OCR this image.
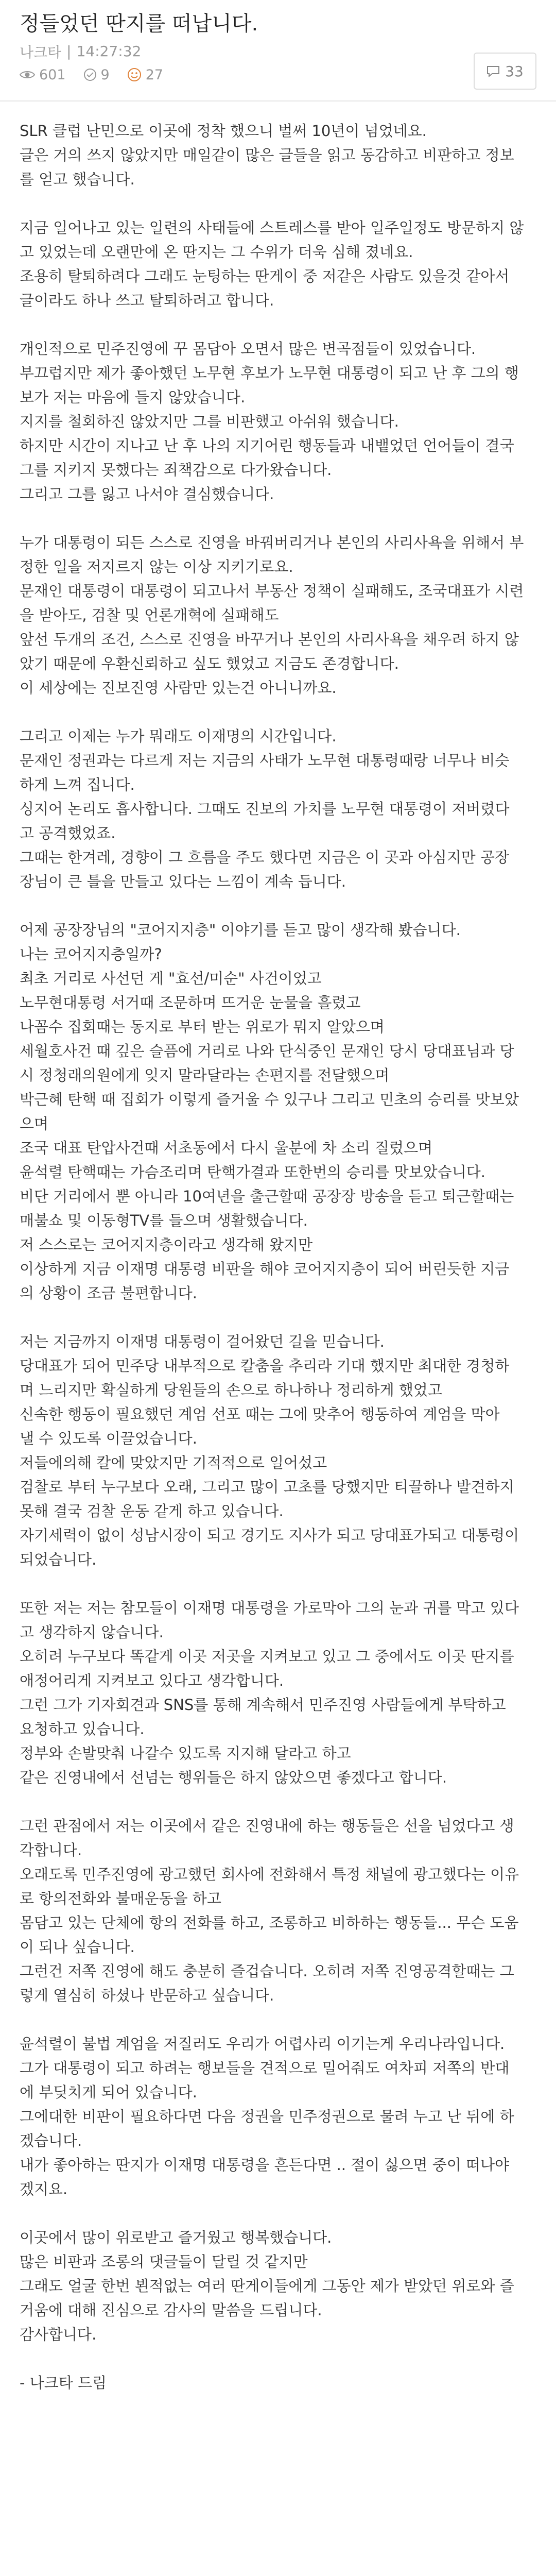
정들었던 딴지를 떠납니다.
나크타 | 14:27:32
601	9	27	33

SLR 클럽 난민으로 이곳에 정착 했으니 벌써 10년이 넘었네요.
글은 거의 쓰지 않았지만 매일같이 많은 글들을 읽고 동감하고 비판하고 정보
를 얻고 했습니다.

지금 일어나고 있는 일련의 사태들에 스트레스를 받아 일주일정도 방문하지 않
고 있었는데 오랜만에 온 딴지는 그 수위가 더욱 심해 졌네요.
조용히 탈퇴하려다 그래도 눈팅하는 딴게이 중 저같은 사람도 있을것 같아서
글이라도 하나 쓰고 탈퇴하려고 합니다.

개인적으로 민주진영에 꾸 몸담아 오면서 많은 변곡점들이 있었습니다.
부끄럽지만 제가 좋아했던 노무현 후보가 노무현 대통령이 되고 난 후 그의 행
보가 저는 마음에 들지 않았습니다.
지지를 철회하진 않았지만 그를 비판했고 아쉬워 했습니다.
하지만 시간이 지나고 난 후 나의 지기어린 행동들과 내뱉었던 언어들이 결국
그를 지키지 못했다는 죄책감으로 다가왔습니다.
그리고 그를 잃고 나서야 결심했습니다.

누가 대통령이 되든 스스로 진영을 바꿔버리거나 본인의 사리사욕을 위해서 부
정한 일을 저지르지 않는 이상 지키기로요.
문재인 대통령이 대통령이 되고나서 부동산 정책이 실패해도, 조국대표가 시련
을 받아도, 검찰 및 언론개혁에 실패해도
앞선 두개의 조건, 스스로 진영을 바꾸거나 본인의 사리사욕을 채우려 하지 않
았기 때문에 우환신뢰하고 싶도 했었고 지금도 존경합니다.
이 세상에는 진보진영 사람만 있는건 아니니까요.

그리고 이제는 누가 뭐래도 이재명의 시간입니다.
문재인 정권과는 다르게 저는 지금의 사태가 노무현 대통령때랑 너무나 비슷
하게 느껴 집니다.
싱지어 논리도 흡사합니다. 그때도 진보의 가치를 노무현 대통령이 저버렸다
고 공격했었죠.
그때는 한겨레, 경향이 그 흐름을 주도 했다면 지금은 이 곳과 아심지만 공장
장님이 큰 틀을 만들고 있다는 느낌이 계속 듭니다.

어제 공장장님의 "코어지지층" 이야기를 듣고 많이 생각해 봤습니다.
나는 코어지지층일까?
최초 거리로 사선던 게 "효선/미순" 사건이었고
노무현대통령 서거때 조문하며 뜨거운 눈물을 흘렸고
나꼼수 집회때는 동지로 부터 받는 위로가 뭐지 알았으며
세월호사건 때 깊은 슬픔에 거리로 나와 단식중인 문재인 당시 당대표님과 당
시 정청래의원에게 잊지 말라달라는 손편지를 전달했으며
박근혜 탄핵 때 집회가 이렇게 즐거울 수 있구나 그리고 민초의 승리를 맛보았
으며
조국 대표 탄압사건때 서초동에서 다시 울분에 차 소리 질렀으며
윤석렬 탄핵때는 가슴조리며 탄핵가결과 또한번의 승리를 맛보았습니다.
비단 거리에서 뿐 아니라 10여년을 출근할때 공장장 방송을 듣고 퇴근할때는
매불쇼 및 이동형TV를 들으며 생활했습니다.
저 스스로는 코어지지층이라고 생각해 왔지만
이상하게 지금 이재명 대통령 비판을 해야 코어지지층이 되어 버린듯한 지금
의 상황이 조금 불편합니다.

저는 지금까지 이재명 대통령이 걸어왔던 길을 믿습니다.
당대표가 되어 민주당 내부적으로 칼춤을 추리라 기대 했지만 최대한 경청하
며 느리지만 확실하게 당원들의 손으로 하나하나 정리하게 했었고
신속한 행동이 필요했던 계엄 선포 때는 그에 맞추어 행동하여 계엄을 막아
낼 수 있도록 이끌었습니다.
저들에의해 칼에 맞았지만 기적적으로 일어섰고
검찰로 부터 누구보다 오래, 그리고 많이 고초를 당했지만 티끌하나 발견하지
못해 결국 검찰 운동 같게 하고 있습니다.
자기세력이 없이 성남시장이 되고 경기도 지사가 되고 당대표가되고 대통령이
되었습니다.

또한 저는 저는 참모들이 이재명 대통령을 가로막아 그의 눈과 귀를 막고 있다
고 생각하지 않습니다.
오히려 누구보다 똑같게 이곳 저곳을 지켜보고 있고 그 중에서도 이곳 딴지를
애정어리게 지켜보고 있다고 생각합니다.
그런 그가 기자회견과 SNS를 통해 계속해서 민주진영 사람들에게 부탁하고
요청하고 있습니다.
정부와 손발맞춰 나갈수 있도록 지지해 달라고 하고
같은 진영내에서 선넘는 행위들은 하지 않았으면 좋겠다고 합니다.

그런 관점에서 저는 이곳에서 같은 진영내에 하는 행동들은 선을 넘었다고 생
각합니다.
오래도록 민주진영에 광고했던 회사에 전화해서 특정 채널에 광고했다는 이유
로 항의전화와 불매운동을 하고
몸담고 있는 단체에 항의 전화를 하고, 조롱하고 비하하는 행동들... 무슨 도움
이 되나 싶습니다.
그런건 저쪽 진영에 해도 충분히 즐겁습니다. 오히려 저쪽 진영공격할때는 그
렇게 열심히 하셨나 반문하고 싶습니다.

윤석렬이 불법 계엄을 저질러도 우리가 어렵사리 이기는게 우리나라입니다.
그가 대통령이 되고 하려는 행보들을 견적으로 밀어줘도 여차피 저쪽의 반대
에 부딪치게 되어 있습니다.
그에대한 비판이 필요하다면 다음 정권을 민주정권으로 물려 누고 난 뒤에 하
겠습니다.
내가 좋아하는 딴지가 이재명 대통령을 흔든다면 .. 절이 싫으면 중이 떠나야
겠지요.

이곳에서 많이 위로받고 즐거웠고 행복했습니다.
많은 비판과 조롱의 댓글들이 달릴 것 같지만
그래도 얼굴 한번 뵌적없는 여러 딴게이들에게 그동안 제가 받았던 위로와 즐
거움에 대해 진심으로 감사의 말씀을 드립니다.
감사합니다.

- 나크타 드림
